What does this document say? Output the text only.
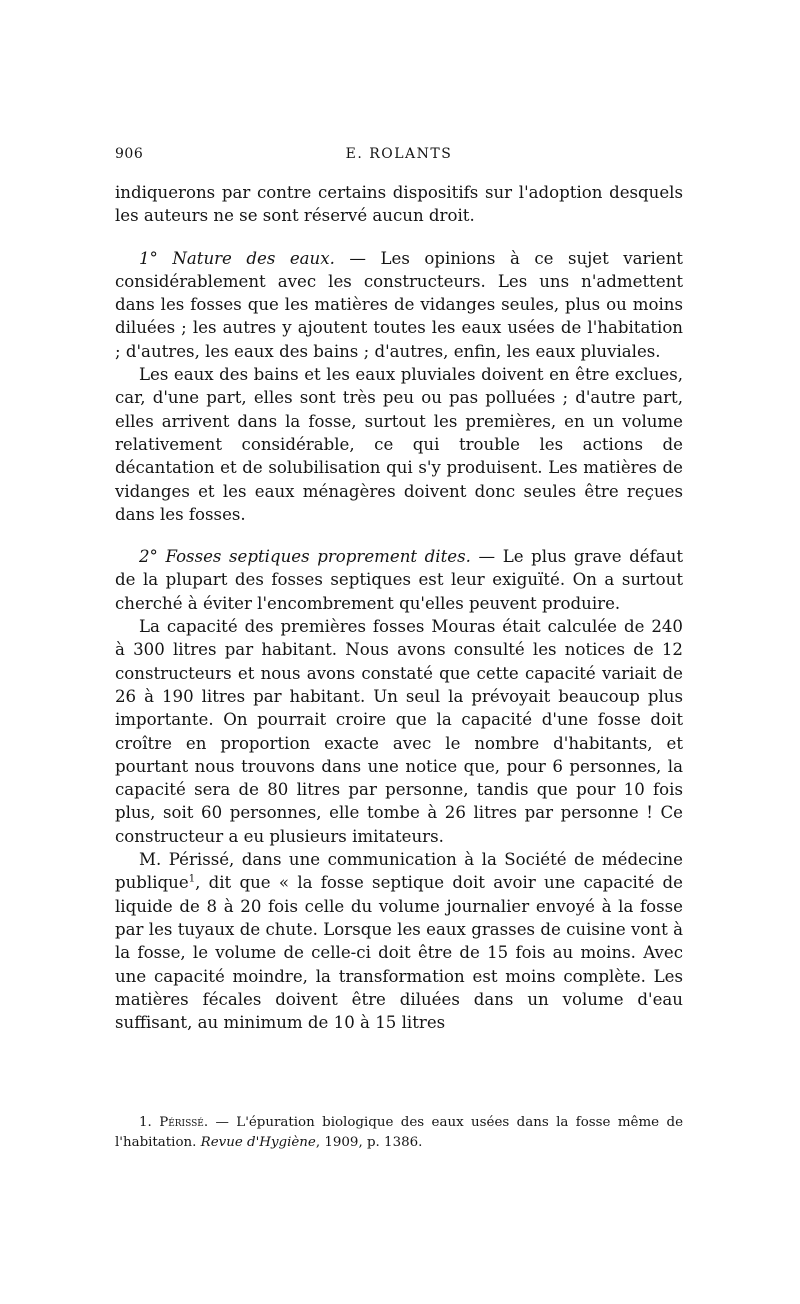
906	E. ROLANTS

indiquerons par contre certains dispositifs sur l'adoption desquels les auteurs ne se sont réservé aucun droit.

1° Nature des eaux. — Les opinions à ce sujet varient considérablement avec les constructeurs. Les uns n'admettent dans les fosses que les matières de vidanges seules, plus ou moins diluées ; les autres y ajoutent toutes les eaux usées de l'habitation ; d'autres, les eaux des bains ; d'autres, enfin, les eaux pluviales.

Les eaux des bains et les eaux pluviales doivent en être exclues, car, d'une part, elles sont très peu ou pas polluées ; d'autre part, elles arrivent dans la fosse, surtout les premières, en un volume relativement considérable, ce qui trouble les actions de décantation et de solubilisation qui s'y produisent. Les matières de vidanges et les eaux ménagères doivent donc seules être reçues dans les fosses.

2° Fosses septiques proprement dites. — Le plus grave défaut de la plupart des fosses septiques est leur exiguïté. On a surtout cherché à éviter l'encombrement qu'elles peuvent produire.

La capacité des premières fosses Mouras était calculée de 240 à 300 litres par habitant. Nous avons consulté les notices de 12 constructeurs et nous avons constaté que cette capacité variait de 26 à 190 litres par habitant. Un seul la prévoyait beaucoup plus importante. On pourrait croire que la capacité d'une fosse doit croître en proportion exacte avec le nombre d'habitants, et pourtant nous trouvons dans une notice que, pour 6 personnes, la capacité sera de 80 litres par personne, tandis que pour 10 fois plus, soit 60 personnes, elle tombe à 26 litres par personne ! Ce constructeur a eu plusieurs imitateurs.

M. Périssé, dans une communication à la Société de médecine publique$^1$, dit que « la fosse septique doit avoir une capacité de liquide de 8 à 20 fois celle du volume journalier envoyé à la fosse par les tuyaux de chute. Lorsque les eaux grasses de cuisine vont à la fosse, le volume de celle-ci doit être de 15 fois au moins. Avec une capacité moindre, la transformation est moins complète. Les matières fécales doivent être diluées dans un volume d'eau suffisant, au minimum de 10 à 15 litres

1. Périssé. — L'épuration biologique des eaux usées dans la fosse même de l'habitation. Revue d'Hygiène, 1909, p. 1386.
